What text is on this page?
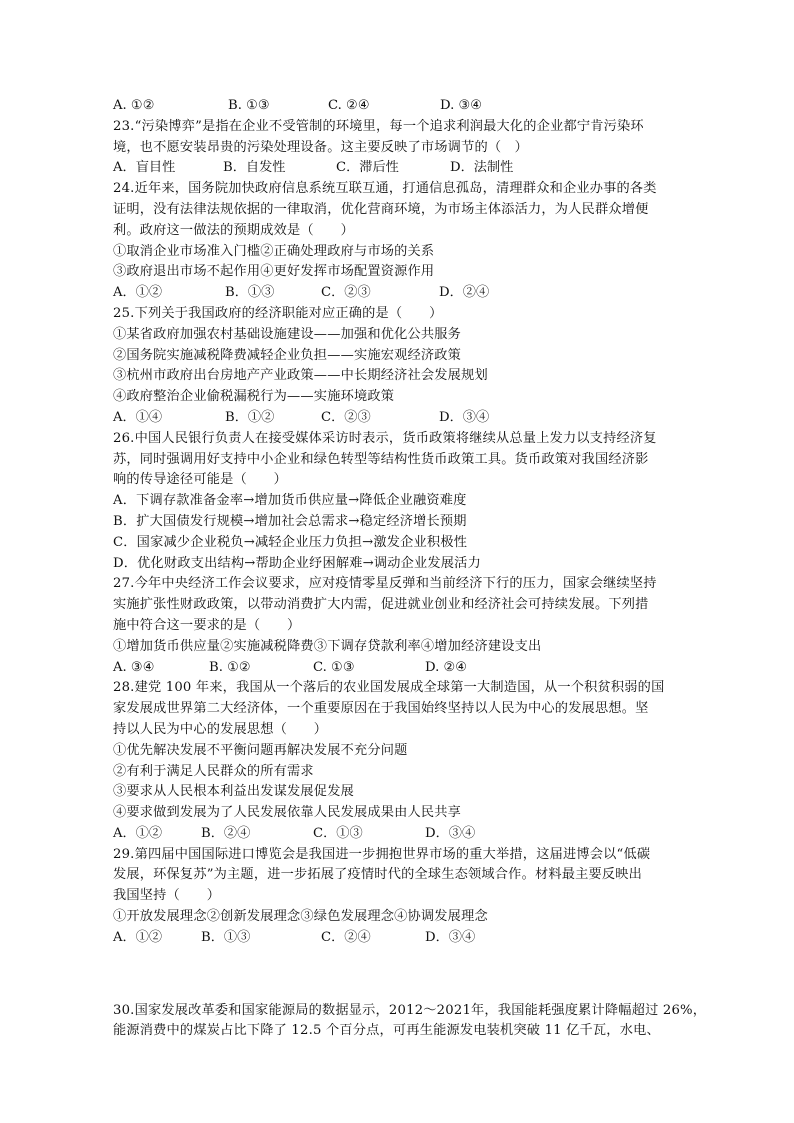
A. ①②	B. ①③	C. ②④	D. ③④
23.“污染博弈”是指在企业不受管制的环境里，每一个追求利润最大化的企业都宁肯污染环
境，也不愿安装昂贵的污染处理设备。这主要反映了市场调节的（　）
A．盲目性	B．自发性	C．滞后性	D．法制性
24.近年来，国务院加快政府信息系统互联互通，打通信息孤岛，清理群众和企业办事的各类
证明，没有法律法规依据的一律取消，优化营商环境，为市场主体添活力，为人民群众增便
利。政府这一做法的预期成效是（　　）
①取消企业市场准入门槛②正确处理政府与市场的关系
③政府退出市场不起作用④更好发挥市场配置资源作用
A．①②	B．①③	C．②③	D．②④
25.下列关于我国政府的经济职能对应正确的是（　　）
①某省政府加强农村基础设施建设——加强和优化公共服务
②国务院实施减税降费减轻企业负担——实施宏观经济政策
③杭州市政府出台房地产产业政策——中长期经济社会发展规划
④政府整治企业偷税漏税行为——实施环境政策
A．①④	B．①②	C．②③	D．③④
26.中国人民银行负责人在接受媒体采访时表示，货币政策将继续从总量上发力以支持经济复
苏，同时强调用好支持中小企业和绿色转型等结构性货币政策工具。货币政策对我国经济影
响的传导途径可能是（　　）
A．下调存款准备金率→增加货币供应量→降低企业融资难度
B．扩大国债发行规模→增加社会总需求→稳定经济增长预期
C．国家减少企业税负→减轻企业压力负担→激发企业积极性
D．优化财政支出结构→帮助企业纾困解难→调动企业发展活力
27.今年中央经济工作会议要求，应对疫情零星反弹和当前经济下行的压力，国家会继续坚持
实施扩张性财政政策，以带动消费扩大内需，促进就业创业和经济社会可持续发展。下列措
施中符合这一要求的是（　　）
①增加货币供应量②实施减税降费③下调存贷款利率④增加经济建设支出
A. ③④	B. ①②	C. ①③	D. ②④
28.建党 100 年来，我国从一个落后的农业国发展成全球第一大制造国，从一个积贫积弱的国
家发展成世界第二大经济体，一个重要原因在于我国始终坚持以人民为中心的发展思想。坚
持以人民为中心的发展思想（　　）
①优先解决发展不平衡问题再解决发展不充分问题
②有利于满足人民群众的所有需求
③要求从人民根本利益出发谋发展促发展
④要求做到发展为了人民发展依靠人民发展成果由人民共享
A．①②	B．②④	C．①③	D．③④
29.第四届中国国际进口博览会是我国进一步拥抱世界市场的重大举措，这届进博会以“低碳
发展，环保复苏”为主题，进一步拓展了疫情时代的全球生态领域合作。材料最主要反映出
我国坚持（　　）
①开放发展理念②创新发展理念③绿色发展理念④协调发展理念
A．①②	B．①③	C．②④	D．③④
30.国家发展改革委和国家能源局的数据显示，2012～2021年，我国能耗强度累计降幅超过 26%，
能源消费中的煤炭占比下降了 12.5 个百分点，可再生能源发电装机突破 11 亿千瓦，水电、
